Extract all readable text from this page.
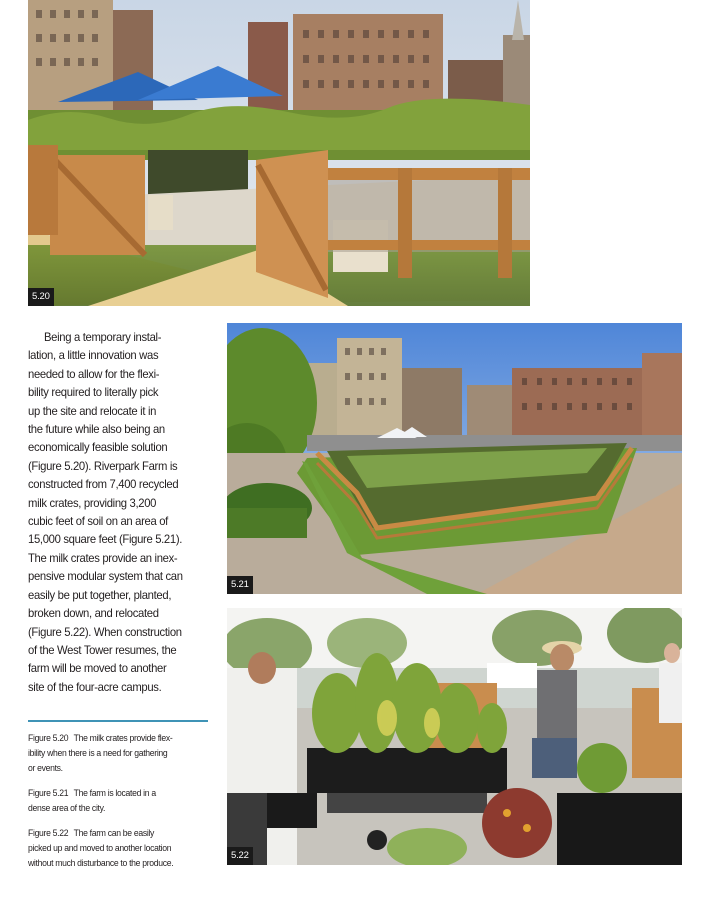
5.20

Being a temporary instal-
lation, a little innovation was
needed to allow for the flexi-
bility required to literally pick
up the site and relocate it in
the future while also being an
economically feasible solution
(Figure 5.20). Riverpark Farm is
constructed from 7,400 recycled
milk crates, providing 3,200
cubic feet of soil on an area of
15,000 square feet (Figure 5.21).
The milk crates provide an inex-
pensive modular system that can
easily be put together, planted,
broken down, and relocated
(Figure 5.22). When construction
of the West Tower resumes, the
farm will be moved to another
site of the four-acre campus.

5.21
5.22

Figure 5.20 The milk crates provide flex-
ibility when there is a need for gathering
or events.

Figure 5.21 The farm is located in a
dense area of the city.

Figure 5.22 The farm can be easily
picked up and moved to another location
without much disturbance to the produce.
